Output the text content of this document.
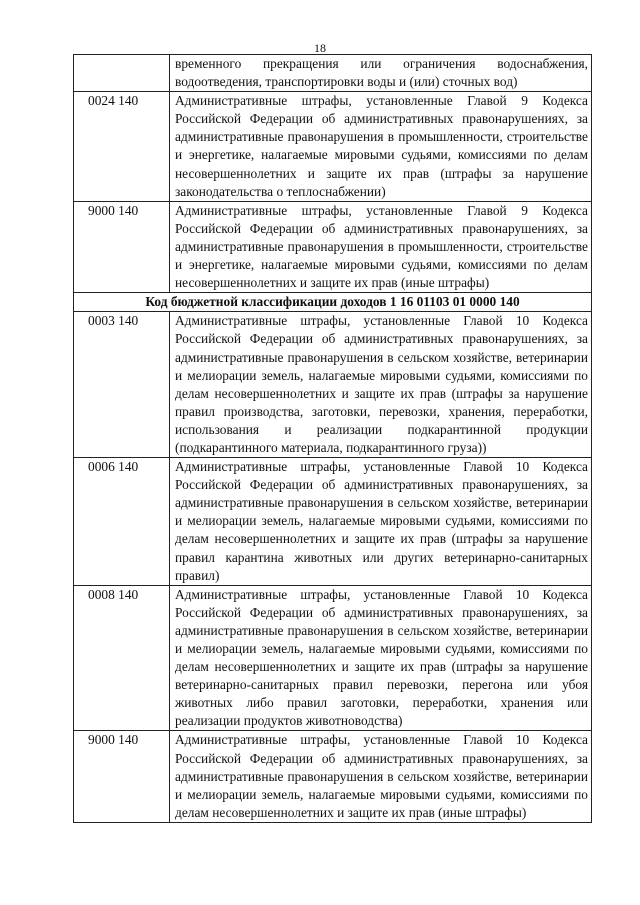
18
	временного прекращения или ограничения водоснабжения, водоотведения, транспортировки воды и (или) сточных вод)
0024 140	Административные штрафы, установленные Главой 9 Кодекса Российской Федерации об административных правонарушениях, за административные правонарушения в промышленности, строительстве и энергетике, налагаемые мировыми судьями, комиссиями по делам несовершеннолетних и защите их прав (штрафы за нарушение законодательства о теплоснабжении)
9000 140	Административные штрафы, установленные Главой 9 Кодекса Российской Федерации об административных правонарушениях, за административные правонарушения в промышленности, строительстве и энергетике, налагаемые мировыми судьями, комиссиями по делам несовершеннолетних и защите их прав (иные штрафы)
Код бюджетной классификации доходов 1 16 01103 01 0000 140	
0003 140	Административные штрафы, установленные Главой 10 Кодекса Российской Федерации об административных правонарушениях, за административные правонарушения в сельском хозяйстве, ветеринарии и мелиорации земель, налагаемые мировыми судьями, комиссиями по делам несовершеннолетних и защите их прав (штрафы за нарушение правил производства, заготовки, перевозки, хранения, переработки, использования и реализации подкарантинной продукции (подкарантинного материала, подкарантинного груза))
0006 140	Административные штрафы, установленные Главой 10 Кодекса Российской Федерации об административных правонарушениях, за административные правонарушения в сельском хозяйстве, ветеринарии и мелиорации земель, налагаемые мировыми судьями, комиссиями по делам несовершеннолетних и защите их прав (штрафы за нарушение правил карантина животных или других ветеринарно-санитарных правил)
0008 140	Административные штрафы, установленные Главой 10 Кодекса Российской Федерации об административных правонарушениях, за административные правонарушения в сельском хозяйстве, ветеринарии и мелиорации земель, налагаемые мировыми судьями, комиссиями по делам несовершеннолетних и защите их прав (штрафы за нарушение ветеринарно-санитарных правил перевозки, перегона или убоя животных либо правил заготовки, переработки, хранения или реализации продуктов животноводства)
9000 140	Административные штрафы, установленные Главой 10 Кодекса Российской Федерации об административных правонарушениях, за административные правонарушения в сельском хозяйстве, ветеринарии и мелиорации земель, налагаемые мировыми судьями, комиссиями по делам несовершеннолетних и защите их прав (иные штрафы)
